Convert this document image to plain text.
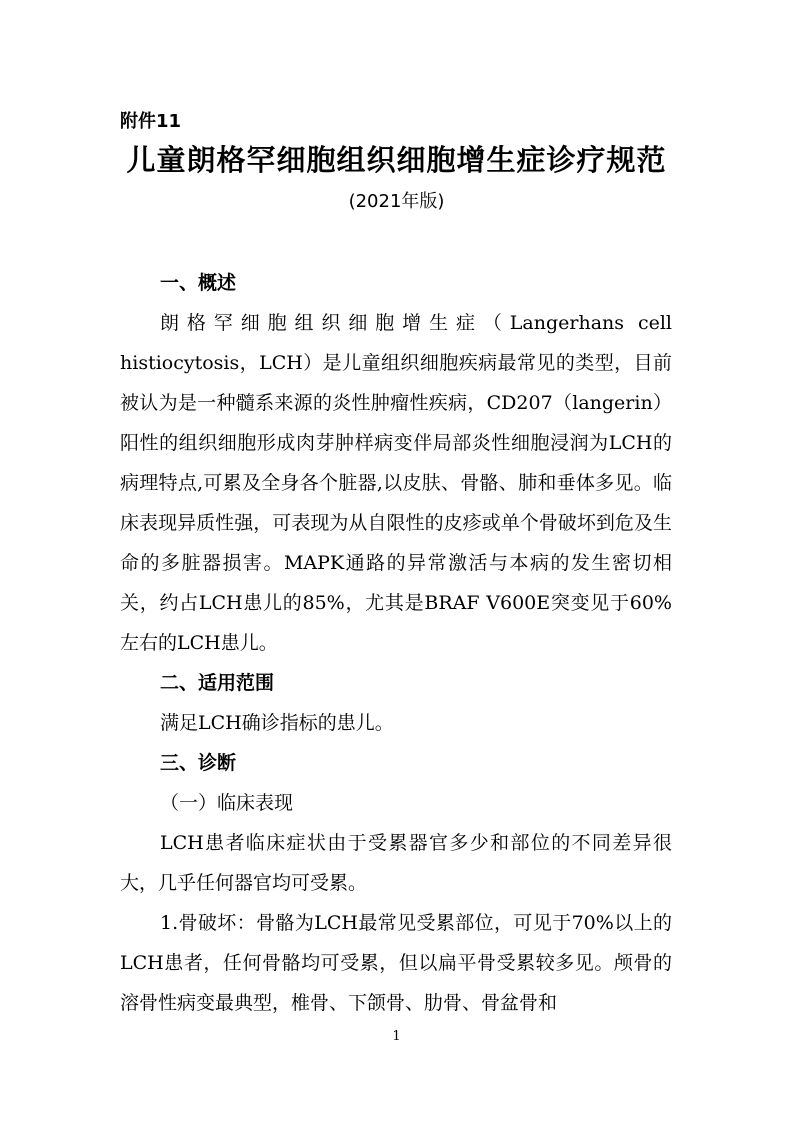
附件11
儿童朗格罕细胞组织细胞增生症诊疗规范
(2021年版)
一、概述

朗格罕细胞组织细胞增生症（Langerhans cell histiocytosis，LCH）是儿童组织细胞疾病最常见的类型，目前被认为是一种髓系来源的炎性肿瘤性疾病，CD207（langerin）阳性的组织细胞形成肉芽肿样病变伴局部炎性细胞浸润为LCH的病理特点,可累及全身各个脏器,以皮肤、骨骼、肺和垂体多见。临床表现异质性强，可表现为从自限性的皮疹或单个骨破坏到危及生命的多脏器损害。MAPK通路的异常激活与本病的发生密切相关，约占LCH患儿的85%，尤其是BRAF V600E突变见于60%左右的LCH患儿。

二、适用范围

满足LCH确诊指标的患儿。

三、诊断
（一）临床表现

LCH患者临床症状由于受累器官多少和部位的不同差异很大，几乎任何器官均可受累。

1.骨破坏：骨骼为LCH最常见受累部位，可见于70%以上的LCH患者，任何骨骼均可受累，但以扁平骨受累较多见。颅骨的溶骨性病变最典型，椎骨、下颌骨、肋骨、骨盆骨和

1
